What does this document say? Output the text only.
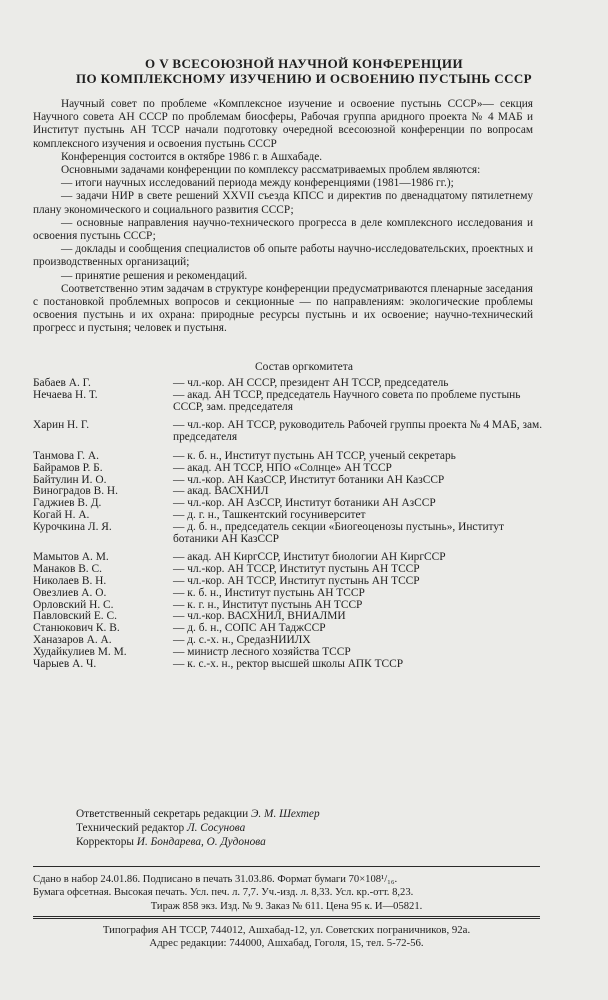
О V ВСЕСОЮЗНОЙ НАУЧНОЙ КОНФЕРЕНЦИИ
ПО КОМПЛЕКСНОМУ ИЗУЧЕНИЮ И ОСВОЕНИЮ ПУСТЫНЬ СССР

Научный совет по проблеме «Комплексное изучение и освоение пустынь СССР»— секция Научного совета АН СССР по проблемам биосферы, Рабочая группа аридного проекта № 4 МАБ и Институт пустынь АН ТССР начали подготовку очередной всесоюзной конференции по вопросам комплексного изучения и освоения пустынь СССР

Конференция состоится в октябре 1986 г. в Ашхабаде.

Основными задачами конференции по комплексу рассматриваемых проблем являются:

— итоги научных исследований периода между конференциями (1981—1986 гг.);

— задачи НИР в свете решений XXVII съезда КПСС и директив по двенадцатому пятилетнему плану экономического и социального развития СССР;

— основные направления научно-технического прогресса в деле комплексного исследования и освоения пустынь СССР;

— доклады и сообщения специалистов об опыте работы научно-исследовательских, проектных и производственных организаций;

— принятие решения и рекомендаций.

Соответственно этим задачам в структуре конференции предусматриваются пленарные заседания с постановкой проблемных вопросов и секционные — по направлениям: экологические проблемы освоения пустынь и их охрана: природные ресурсы пустынь и их освоение; научно-технический прогресс и пустыня; человек и пустыня.

Состав оргкомитета
Бабаев А. Г.	— чл.-кор. АН СССР, президент АН ТССР, председатель
Нечаева Н. Т.	— акад. АН ТССР, председатель Научного совета по проблеме пустынь СССР, зам. председателя
Харин Н. Г.	— чл.-кор. АН ТССР, руководитель Рабочей группы проекта № 4 МАБ, зам. председателя
Танмова Г. А.	— к. б. н., Институт пустынь АН ТССР, ученый секретарь
Байрамов Р. Б.	— акад. АН ТССР, НПО «Солнце» АН ТССР
Байтулин И. О.	— чл.-кор. АН КазССР, Институт ботаники АН КазССР
Виноградов В. Н.	— акад. ВАСХНИЛ
Гаджиев В. Д.	— чл.-кор. АН АзССР, Институт ботаники АН АзССР
Когай Н. А.	— д. г. н., Ташкентский госуниверситет
Курочкина Л. Я.	— д. б. н., председатель секции «Биогеоценозы пустынь», Институт ботаники АН КазССР
Мамытов А. М.	— акад. АН КиргССР, Институт биологии АН КиргССР
Манаков В. С.	— чл.-кор. АН ТССР, Институт пустынь АН ТССР
Николаев В. Н.	— чл.-кор. АН ТССР, Институт пустынь АН ТССР
Овезлиев А. О.	— к. б. н., Институт пустынь АН ТССР
Орловский Н. С.	— к. г. н., Институт пустынь АН ТССР
Павловский Е. С.	— чл.-кор. ВАСХНИЛ, ВНИАЛМИ
Станюкович К. В.	— д. б. н., СОПС АН ТаджССР
Ханазаров А. А.	— д. с.-х. н., СредазНИИЛХ
Худайкулиев М. М.	— министр лесного хозяйства ТССР
Чарыев А. Ч.	— к. с.-х. н., ректор высшей школы АПК ТССР
Ответственный секретарь редакции Э. М. Шехтер
Технический редактор Л. Сосунова
Корректоры И. Бондарева, О. Дудонова
Сдано в набор 24.01.86. Подписано в печать 31.03.86. Формат бумаги 70×108¹/₁₆.
Бумага офсетная. Высокая печать. Усл. печ. л. 7,7. Уч.-изд. л. 8,33. Усл. кр.-отт. 8,23.
Тираж 858 экз. Изд. № 9. Заказ № 611. Цена 95 к. И—05821.
Типография АН ТССР, 744012, Ашхабад-12, ул. Советских пограничников, 92а.
Адрес редакции: 744000, Ашхабад, Гоголя, 15, тел. 5-72-56.
